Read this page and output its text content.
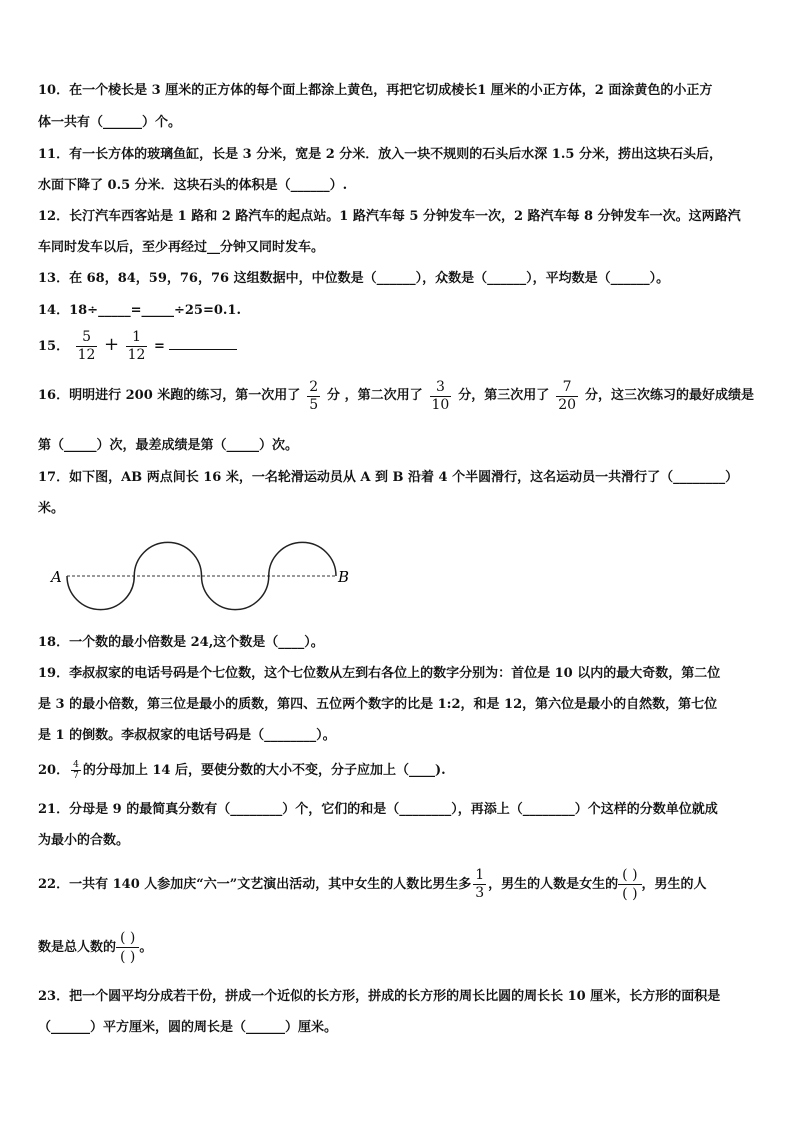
10．在一个棱长是 3 厘米的正方体的每个面上都涂上黄色，再把它切成棱长1 厘米的小正方体，2 面涂黄色的小正方
体一共有（______）个。
11．有一长方体的玻璃鱼缸，长是 3 分米，宽是 2 分米．放入一块不规则的石头后水深 1.5 分米，捞出这块石头后，
水面下降了 0.5 分米．这块石头的体积是（______）.
12．长汀汽车西客站是 1 路和 2 路汽车的起点站。1 路汽车每 5 分钟发车一次，2 路汽车每 8 分钟发车一次。这两路汽
车同时发车以后，至少再经过__分钟又同时发车。
13．在 68，84，59，76，76 这组数据中，中位数是（______），众数是（______），平均数是（______）。
14．18÷_____=_____÷25=0.1.
15． $\frac{5}{12} + \frac{1}{12}$ =
16．明明进行 200 米跑的练习，第一次用了 $\frac{2}{5}$ 分 ，第二次用了 $\frac{3}{10}$ 分，第三次用了 $\frac{7}{20}$ 分，这三次练习的最好成绩是
第（_____）次，最差成绩是第（_____）次。
17．如下图，AB 两点间长 16 米，一名轮滑运动员从 A 到 B 沿着 4 个半圆滑行，这名运动员一共滑行了（________）
米。
A	B
18．一个数的最小倍数是 24,这个数是（____）。
19．李叔叔家的电话号码是个七位数，这个七位数从左到右各位上的数字分别为：首位是 10 以内的最大奇数，第二位
是 3 的最小倍数，第三位是最小的质数，第四、五位两个数字的比是 1:2，和是 12，第六位是最小的自然数，第七位
是 1 的倒数。李叔叔家的电话号码是（________）。
20． $\frac{4}{7}$ 的分母加上 14 后，要使分数的大小不变，分子应加上（____).
21．分母是 9 的最简真分数有（________）个，它们的和是（________），再添上（________）个这样的分数单位就成
为最小的合数。
22．一共有 140 人参加庆“六一”文艺演出活动，其中女生的人数比男生多 $\frac{1}{3}$ ，男生的人数是女生的
( )
( )
，男生的人
数是总人数的
( )
( )
。
23．把一个圆平均分成若干份，拼成一个近似的长方形，拼成的长方形的周长比圆的周长长 10 厘米，长方形的面积是
（______）平方厘米，圆的周长是（______）厘米。
